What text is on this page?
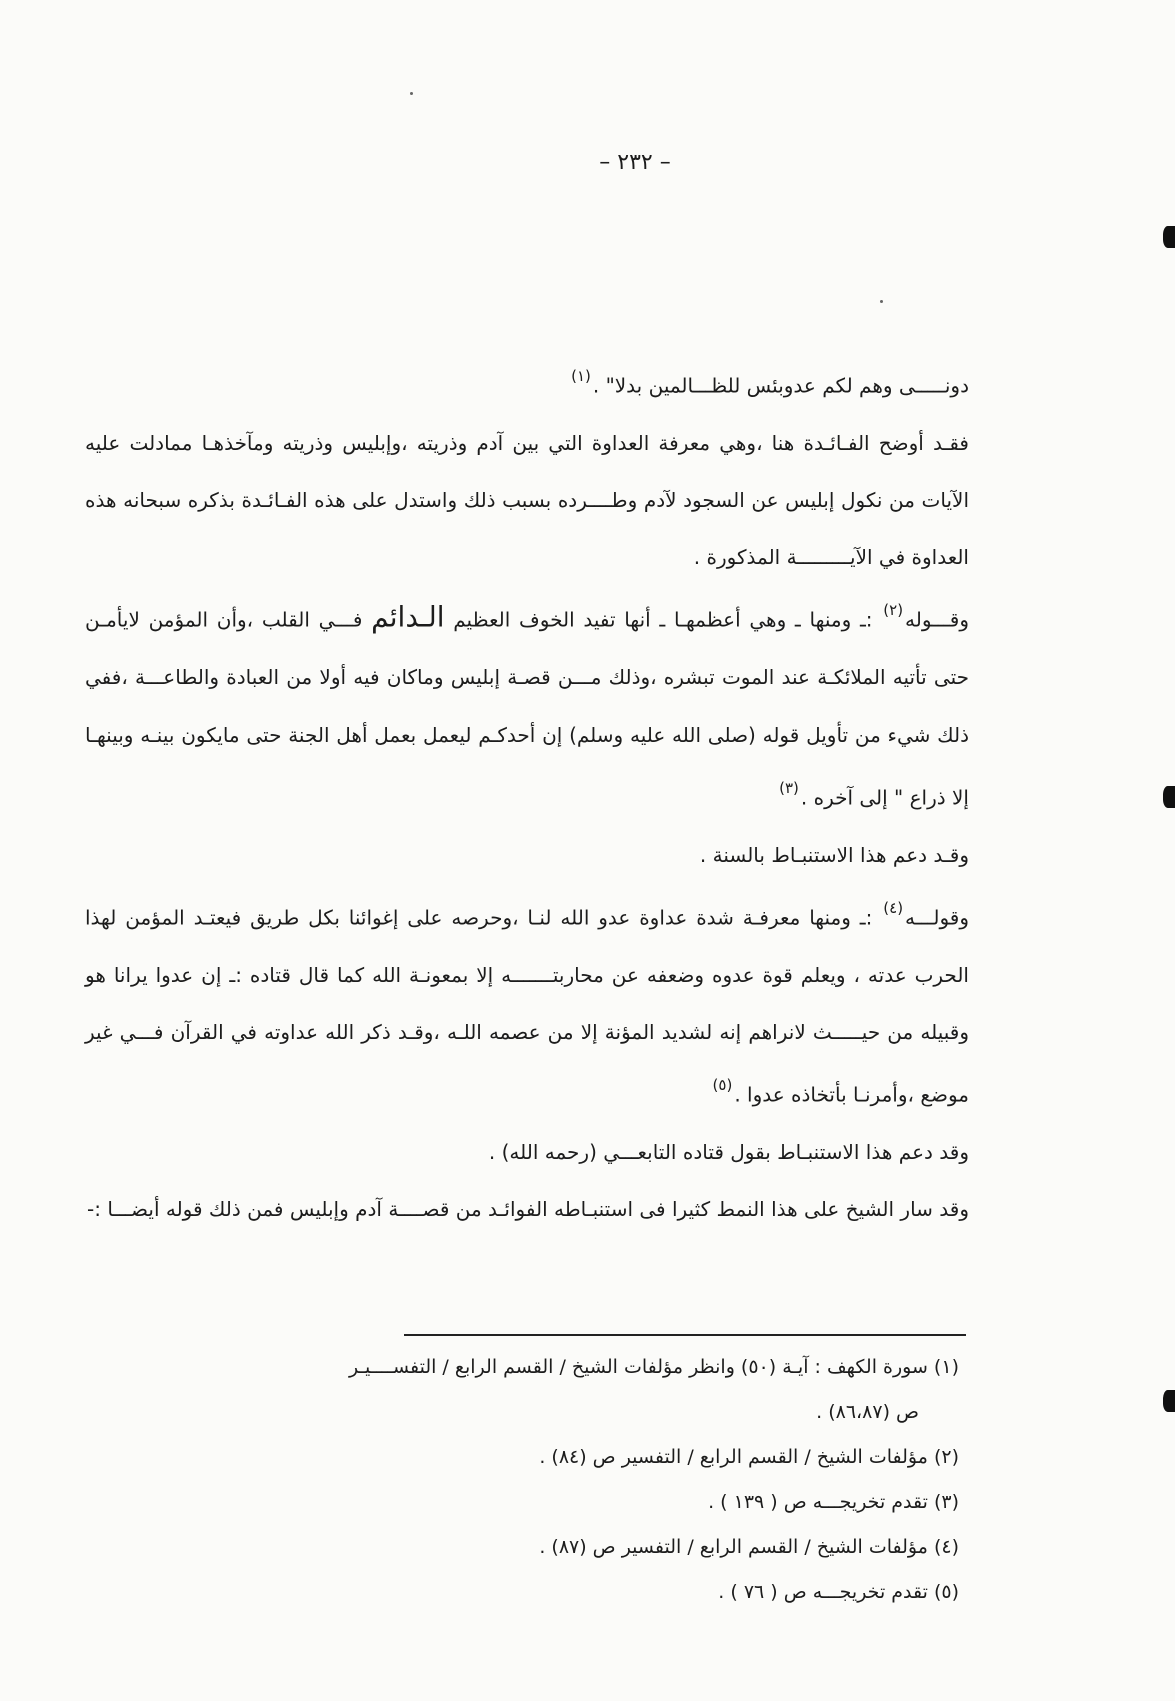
– ٢٣٢ –

دونـــــى وهم لكم عدوبئس للظـــالمين بدلا" .$^{(١)}$

فقـد أوضح الفـائـدة هنا ،وهي معرفة العداوة التي بين آدم وذريته ،وإبليس وذريته ومآخذهـا ممادلت عليه الآيات من نكول إبليس عن السجود لآدم وطــــرده بسبب ذلك واستدل على هذه الفـائـدة بذكره سبحانه هذه العداوة في الآيـــــــــة المذكورة .

وقـــوله$^{(٢)}$ :ـ ومنها ـ وهي أعظمهـا ـ أنها تفيد الخوف العظيم الـدائم فـــي القلب ،وأن المؤمن لايأمـن حتى تأتيه الملائكـة عند الموت تبشره ،وذلك مـــن قصـة إبليس وماكان فيه أولا من العبادة والطاعـــة ،ففي ذلك شيء من تأويل قوله (صلى الله عليه وسلم) إن أحدكـم ليعمل بعمل أهل الجنة حتى مايكون بينـه وبينهـا إلا ذراع " إلى آخره .$^{(٣)}$

وقـد دعم هذا الاستنبـاط بالسنة .

وقولـــه$^{(٤)}$ :ـ ومنها معرفـة شدة عداوة عدو الله لنـا ،وحرصه على إغوائنا بكل طريق فيعتـد المؤمن لهذا الحرب عدته ، ويعلم قوة عدوه وضعفه عن محاربتـــــــه إلا بمعونـة الله كما قال قتاده :ـ إن عدوا يرانا هو وقبيله من حيـــــث لانراهم إنه لشديد المؤنة إلا من عصمه اللـه ،وقـد ذكر الله عداوته في القرآن فـــي غير موضع ،وأمرنـا بأتخاذه عدوا .$^{(٥)}$

وقد دعم هذا الاستنبـاط بقول قتاده التابعـــي (رحمه الله) .

وقد سار الشيخ على هذا النمط كثيرا فى استنبـاطه الفوائـد من قصــــة آدم وإبليس فمن ذلك قوله أيضـــا :-

(١) سورة الكهف : آيـة (٥٠) وانظر مؤلفات الشيخ / القسم الرابع / التفســــيـر

ص (٨٦،٨٧) .

(٢) مؤلفات الشيخ / القسم الرابع / التفسير ص (٨٤) .

(٣) تقدم تخريجـــه ص ( ١٣٩ ) .

(٤) مؤلفات الشيخ / القسم الرابع / التفسير ص (٨٧) .

(٥) تقدم تخريجـــه ص ( ٧٦ ) .
